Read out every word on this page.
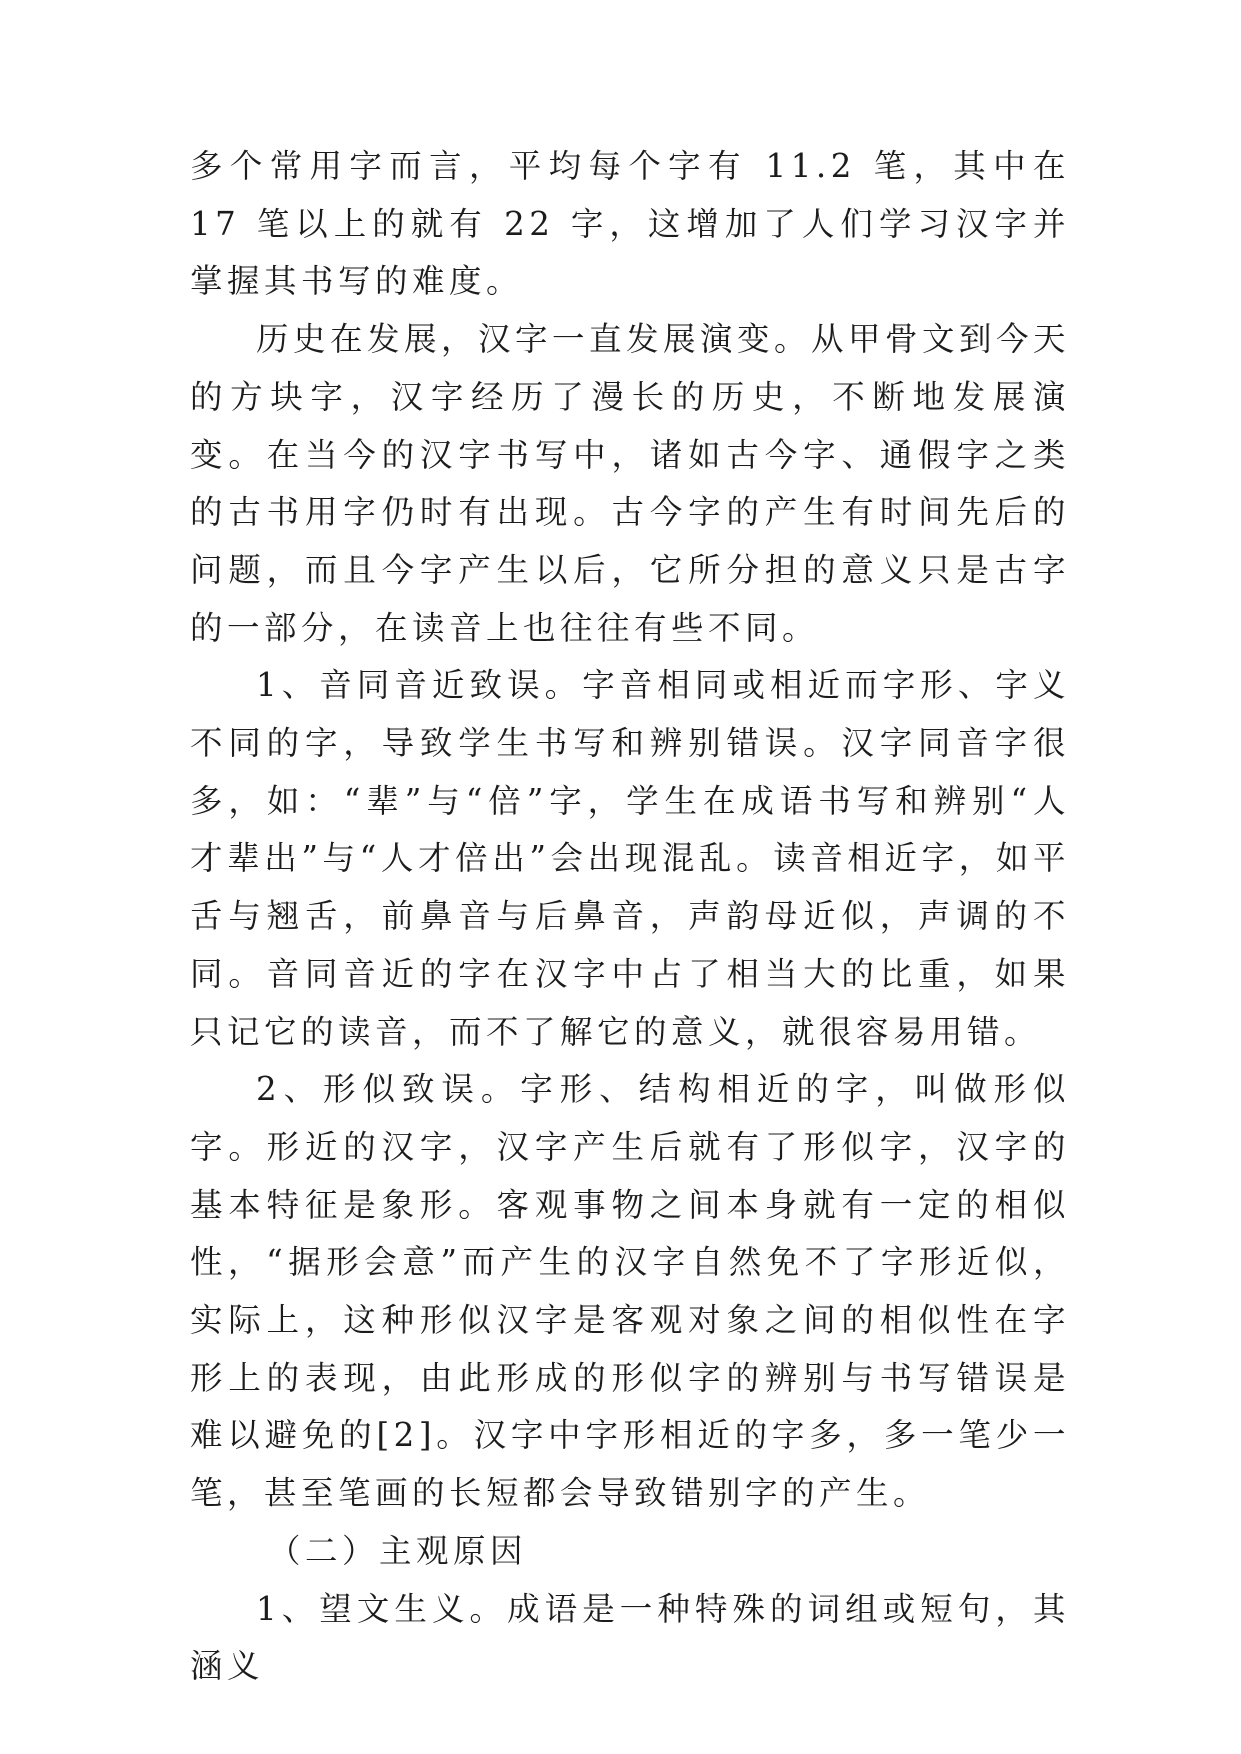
多个常用字而言，平均每个字有 11.2 笔，其中在 17 笔以上的就有 22 字，这增加了人们学习汉字并掌握其书写的难度。

历史在发展，汉字一直发展演变。从甲骨文到今天的方块字，汉字经历了漫长的历史，不断地发展演变。在当今的汉字书写中，诸如古今字、通假字之类的古书用字仍时有出现。古今字的产生有时间先后的问题，而且今字产生以后，它所分担的意义只是古字的一部分，在读音上也往往有些不同。

1、音同音近致误。字音相同或相近而字形、字义不同的字，导致学生书写和辨别错误。汉字同音字很多，如：“辈”与“倍”字，学生在成语书写和辨别“人才辈出”与“人才倍出”会出现混乱。读音相近字，如平舌与翘舌，前鼻音与后鼻音，声韵母近似，声调的不同。音同音近的字在汉字中占了相当大的比重，如果只记它的读音，而不了解它的意义，就很容易用错。

2、形似致误。字形、结构相近的字，叫做形似字。形近的汉字，汉字产生后就有了形似字，汉字的基本特征是象形。客观事物之间本身就有一定的相似性，“据形会意”而产生的汉字自然免不了字形近似，实际上，这种形似汉字是客观对象之间的相似性在字形上的表现，由此形成的形似字的辨别与书写错误是难以避免的[2]。汉字中字形相近的字多，多一笔少一笔，甚至笔画的长短都会导致错别字的产生。

（二）主观原因

1、望文生义。成语是一种特殊的词组或短句，其涵义
